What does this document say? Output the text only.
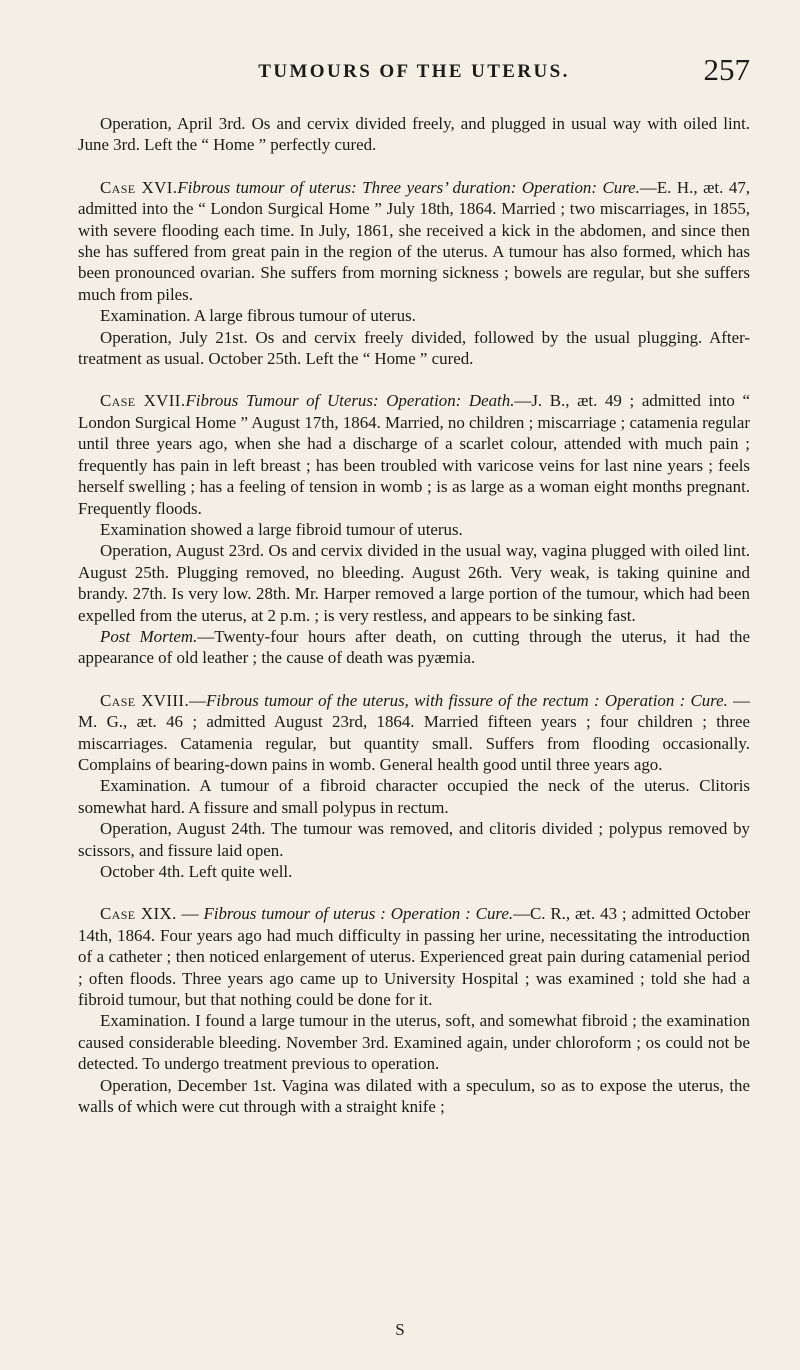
TUMOURS OF THE UTERUS.	257

Operation, April 3rd. Os and cervix divided freely, and plugged in usual way with oiled lint. June 3rd. Left the “ Home ” perfectly cured.

Case XVI.Fibrous tumour of uterus: Three years’ duration: Operation: Cure.—E. H., æt. 47, admitted into the “ London Surgical Home ” July 18th, 1864. Married ; two miscarriages, in 1855, with severe flooding each time. In July, 1861, she received a kick in the abdomen, and since then she has suffered from great pain in the region of the uterus. A tumour has also formed, which has been pronounced ovarian. She suffers from morning sickness ; bowels are regular, but she suffers much from piles.

Examination. A large fibrous tumour of uterus.

Operation, July 21st. Os and cervix freely divided, followed by the usual plugging. After-treatment as usual. October 25th. Left the “ Home ” cured.

Case XVII.Fibrous Tumour of Uterus: Operation: Death.—J. B., æt. 49 ; admitted into “ London Surgical Home ” August 17th, 1864. Married, no children ; miscarriage ; catamenia regular until three years ago, when she had a discharge of a scarlet colour, attended with much pain ; frequently has pain in left breast ; has been troubled with varicose veins for last nine years ; feels herself swelling ; has a feeling of tension in womb ; is as large as a woman eight months pregnant. Frequently floods.

Examination showed a large fibroid tumour of uterus.

Operation, August 23rd. Os and cervix divided in the usual way, vagina plugged with oiled lint. August 25th. Plugging removed, no bleeding. August 26th. Very weak, is taking quinine and brandy. 27th. Is very low. 28th. Mr. Harper removed a large portion of the tumour, which had been expelled from the uterus, at 2 p.m. ; is very restless, and appears to be sinking fast.

Post Mortem.—Twenty-four hours after death, on cutting through the uterus, it had the appearance of old leather ; the cause of death was pyæmia.

Case XVIII.—Fibrous tumour of the uterus, with fissure of the rectum : Operation : Cure. — M. G., æt. 46 ; admitted August 23rd, 1864. Married fifteen years ; four children ; three miscarriages. Catamenia regular, but quantity small. Suffers from flooding occasionally. Complains of bearing-down pains in womb. General health good until three years ago.

Examination. A tumour of a fibroid character occupied the neck of the uterus. Clitoris somewhat hard. A fissure and small polypus in rectum.

Operation, August 24th. The tumour was removed, and clitoris divided ; polypus removed by scissors, and fissure laid open.

October 4th. Left quite well.

Case XIX. — Fibrous tumour of uterus : Operation : Cure.—C. R., æt. 43 ; admitted October 14th, 1864. Four years ago had much difficulty in passing her urine, necessitating the introduction of a catheter ; then noticed enlargement of uterus. Experienced great pain during catamenial period ; often floods. Three years ago came up to University Hospital ; was examined ; told she had a fibroid tumour, but that nothing could be done for it.

Examination. I found a large tumour in the uterus, soft, and somewhat fibroid ; the examination caused considerable bleeding. November 3rd. Examined again, under chloroform ; os could not be detected. To undergo treatment previous to operation.

Operation, December 1st. Vagina was dilated with a speculum, so as to expose the uterus, the walls of which were cut through with a straight knife ;

S
